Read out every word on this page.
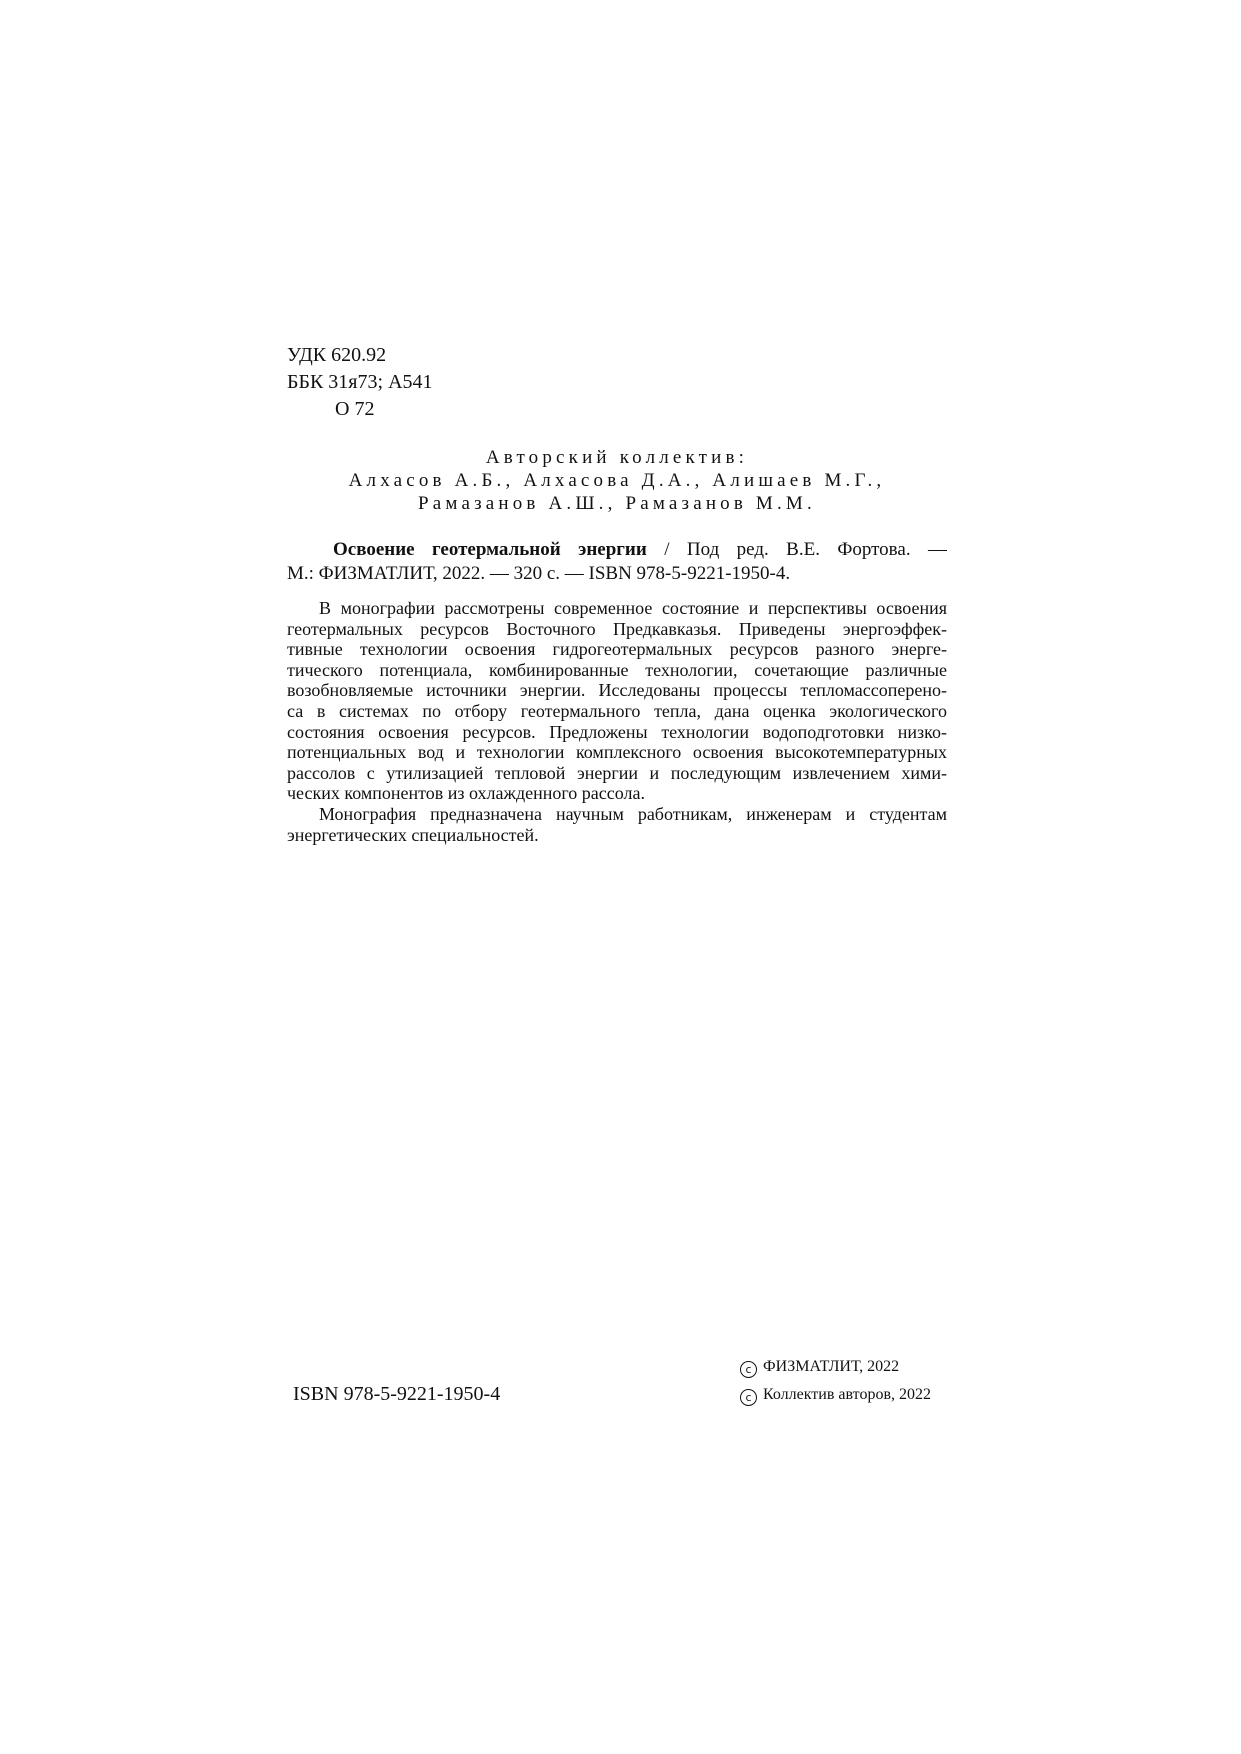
УДК 620.92
ББК 31я73; А541
О 72
Авторский коллектив:
Алхасов А.Б., Алхасова Д.А., Алишаев М.Г.,
Рамазанов А.Ш., Рамазанов М.М.

Освоение геотермальной энергии / Под ред. В.Е. Фортова. —

М.: ФИЗМАТЛИТ, 2022. — 320 с. — ISBN 978-5-9221-1950-4.

В монографии рассмотрены современное состояние и перспективы освоения

геотермальных ресурсов Восточного Предкавказья. Приведены энергоэффек-

тивные технологии освоения гидрогеотермальных ресурсов разного энерге-

тического потенциала, комбинированные технологии, сочетающие различные

возобновляемые источники энергии. Исследованы процессы тепломассоперено-

са в системах по отбору геотермального тепла, дана оценка экологического

состояния освоения ресурсов. Предложены технологии водоподготовки низко-

потенциальных вод и технологии комплексного освоения высокотемпературных

рассолов с утилизацией тепловой энергии и последующим извлечением хими-

ческих компонентов из охлажденного рассола.

Монография предназначена научным работникам, инженерам и студентам

энергетических специальностей.

ISBN 978-5-9221-1950-4
c ФИЗМАТЛИТ, 2022
c Коллектив авторов, 2022
